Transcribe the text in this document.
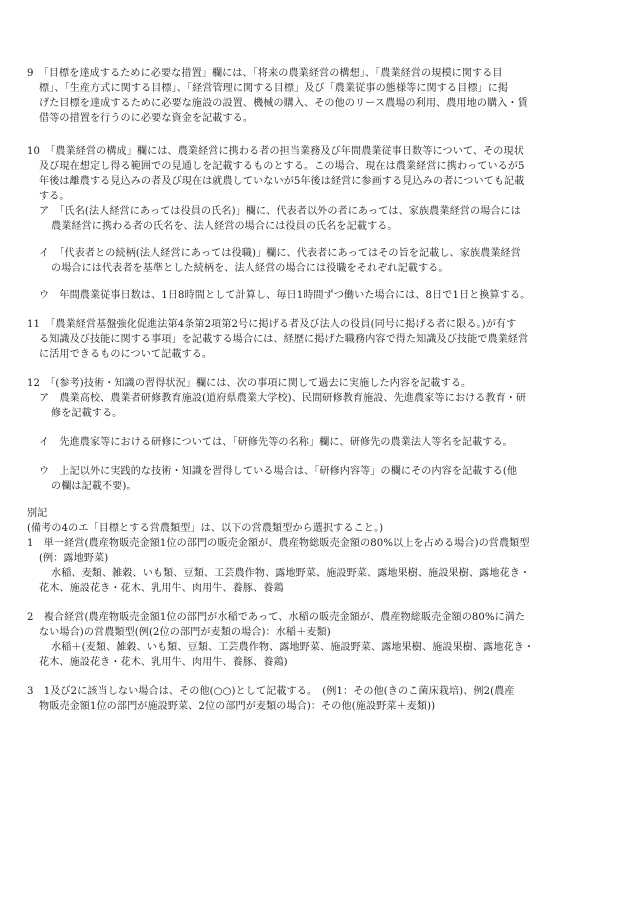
9　「目標を達成するために必要な措置」欄には、「将来の農業経営の構想」、「農業経営の規模に関する目
標」、「生産方式に関する目標」、「経営管理に関する目標」及び「農業従事の態様等に関する目標」に掲
げた目標を達成するために必要な施設の設置、機械の購入、その他のリース農場の利用、農用地の購入・賃
借等の措置を行うのに必要な資金を記載する。
10　「農業経営の構成」欄には、農業経営に携わる者の担当業務及び年間農業従事日数等について、その現状
及び現在想定し得る範囲での見通しを記載するものとする。この場合、現在は農業経営に携わっているが5
年後は離農する見込みの者及び現在は就農していないが5年後は経営に参画する見込みの者についても記載
する。
ア　「氏名(法人経営にあっては役員の氏名)」欄に、代表者以外の者にあっては、家族農業経営の場合には
農業経営に携わる者の氏名を、法人経営の場合には役員の氏名を記載する。
イ　「代表者との続柄(法人経営にあっては役職)」欄に、代表者にあってはその旨を記載し、家族農業経営
の場合には代表者を基準とした続柄を、法人経営の場合には役職をそれぞれ記載する。
ウ　年間農業従事日数は、1日8時間として計算し、毎日1時間ずつ働いた場合には、8日で1日と換算する。
11　「農業経営基盤強化促進法第4条第2項第2号に掲げる者及び法人の役員(同号に掲げる者に限る。)が有す
る知識及び技能に関する事項」を記載する場合には、経歴に掲げた職務内容で得た知識及び技能で農業経営
に活用できるものについて記載する。
12　「(参考)技術・知識の習得状況」欄には、次の事項に関して過去に実施した内容を記載する。
ア　農業高校、農業者研修教育施設(道府県農業大学校)、民間研修教育施設、先進農家等における教育・研
修を記載する。
イ　先進農家等における研修については、「研修先等の名称」欄に、研修先の農業法人等名を記載する。
ウ　上記以外に実践的な技術・知識を習得している場合は、「研修内容等」の欄にその内容を記載する(他
の欄は記載不要)。
別記
(備考の4のエ「目標とする営農類型」は、以下の営農類型から選択すること。)
1　単一経営(農産物販売金額1位の部門の販売金額が、農産物総販売金額の80%以上を占める場合)の営農類型
(例：露地野菜)
水稲、麦類、雑穀、いも類、豆類、工芸農作物、露地野菜、施設野菜、露地果樹、施設果樹、露地花き・
花木、施設花き・花木、乳用牛、肉用牛、養豚、養鶏
2　複合経営(農産物販売金額1位の部門が水稲であって、水稲の販売金額が、農産物総販売金額の80%に満た
ない場合)の営農類型(例(2位の部門が麦類の場合)：水稲＋麦類)
水稲＋(麦類、雑穀、いも類、豆類、工芸農作物、露地野菜、施設野菜、露地果樹、施設果樹、露地花き・
花木、施設花き・花木、乳用牛、肉用牛、養豚、養鶏)
3　1及び2に該当しない場合は、その他(○○)として記載する。　(例1：その他(きのこ菌床栽培)、例2(農産
物販売金額1位の部門が施設野菜、2位の部門が麦類の場合)：その他(施設野菜＋麦類))
